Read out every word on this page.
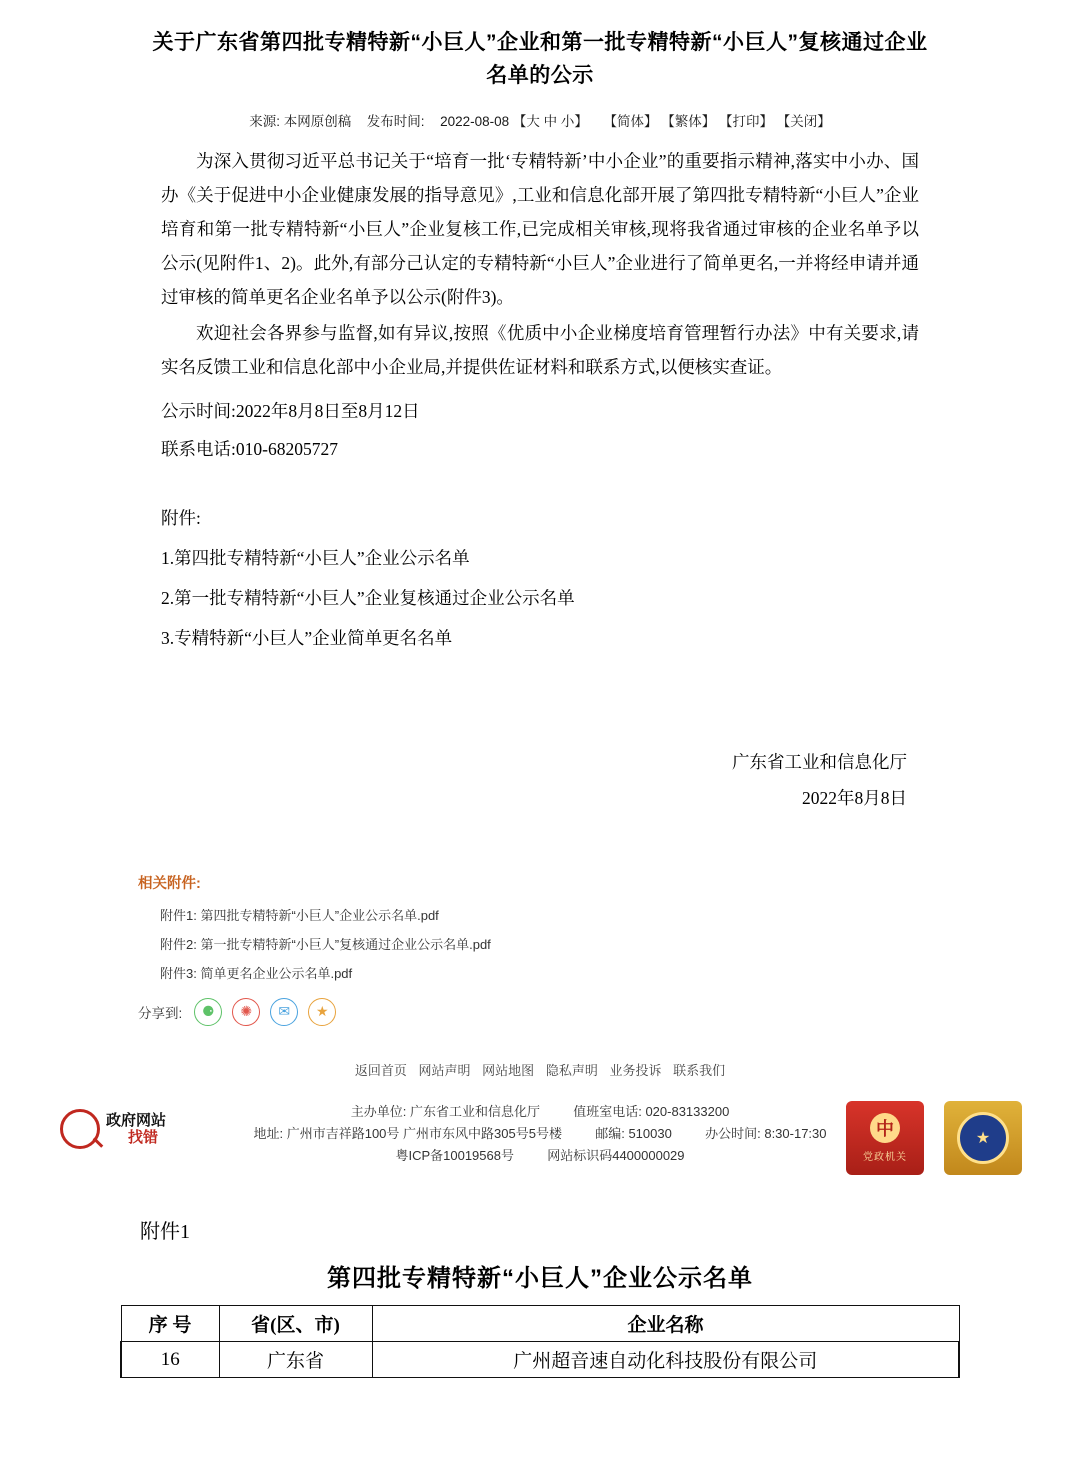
关于广东省第四批专精特新“小巨人”企业和第一批专精特新“小巨人”复核通过企业名单的公示
来源: 本网原创稿 发布时间: 2022-08-08 【大 中 小】 【简体】 【繁体】 【打印】 【关闭】

为深入贯彻习近平总书记关于“培育一批‘专精特新’中小企业”的重要指示精神,落实中小办、国办《关于促进中小企业健康发展的指导意见》,工业和信息化部开展了第四批专精特新“小巨人”企业培育和第一批专精特新“小巨人”企业复核工作,已完成相关审核,现将我省通过审核的企业名单予以公示(见附件1、2)。此外,有部分己认定的专精特新“小巨人”企业进行了简单更名,一并将经申请并通过审核的简单更名企业名单予以公示(附件3)。

欢迎社会各界参与监督,如有异议,按照《优质中小企业梯度培育管理暂行办法》中有关要求,请实名反馈工业和信息化部中小企业局,并提供佐证材料和联系方式,以便核实查证。

公示时间:2022年8月8日至8月12日

联系电话:010-68205727

附件:

1.第四批专精特新“小巨人”企业公示名单

2.第一批专精特新“小巨人”企业复核通过企业公示名单

3.专精特新“小巨人”企业简单更名名单

广东省工业和信息化厅
2022年8月8日
相关附件:
附件1: 第四批专精特新“小巨人”企业公示名单.pdf
附件2: 第一批专精特新“小巨人”复核通过企业公示名单.pdf
附件3: 简单更名企业公示名单.pdf
分享到:	⚈	✺	✉	★
返回首页 网站声明 网站地图 隐私声明 业务投诉 联系我们
政府网站
找错
主办单位: 广东省工业和信息化厅	值班室电话: 020-83133200
地址: 广州市吉祥路100号 广州市东风中路305号5号楼	邮编: 510030	办公时间: 8:30-17:30
粤ICP备10019568号	网站标识码4400000029
中
党政机关
★
附件1
第四批专精特新“小巨人”企业公示名单
序 号	省(区、市)	企业名称
16	广东省	广州超音速自动化科技股份有限公司
